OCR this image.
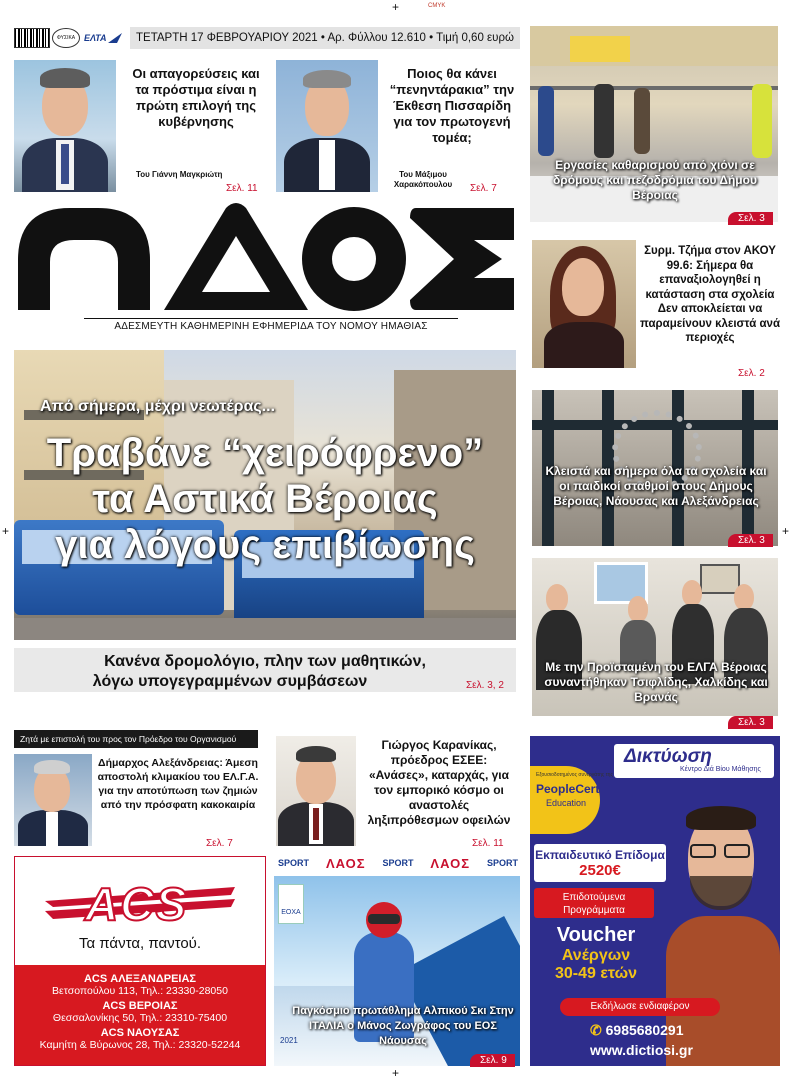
+	CMYK
+	+
+
ΦΥΣΙΚΑ ΕΛΤΑ	ΤΕΤΑΡΤΗ 17 ΦΕΒΡΟΥΑΡΙΟΥ 2021 • Αρ. Φύλλου 12.610 • Τιμή 0,60 ευρώ
Οι απαγορεύσεις και τα πρόστιμα είναι η πρώτη επιλογή της κυβέρνησης
Του Γιάννη Μαγκριώτη
Σελ. 11
Ποιος θα κάνει “πενηντάρακια” την Έκθεση Πισσαρίδη για τον πρωτογενή τομέα;
Του Μάξιμου Χαρακόπουλου	Σελ. 7
ΑΔΕΣΜΕΥΤΗ ΚΑΘΗΜΕΡΙΝΗ ΕΦΗΜΕΡΙΔΑ ΤΟΥ ΝΟΜΟΥ ΗΜΑΘΙΑΣ
Από σήμερα, μέχρι νεωτέρας...
Τραβάνε “χειρόφρενο”
τα Αστικά Βέροιας
για λόγους επιβίωσης
Κανένα δρομολόγιο, πλην των μαθητικών,
λόγω υπογεγραμμένων συμβάσεων	Σελ. 3, 2
Εργασίες καθαρισμού από χιόνι σε δρόμους και πεζοδρόμια του Δήμου Βέροιας
Σελ. 3
Συρμ. Τζήμα στον ΑΚΟΥ 99.6: Σήμερα θα επαναξιολογηθεί η κατάσταση στα σχολεία Δεν αποκλείεται να παραμείνουν κλειστά ανά περιοχές
Σελ. 2
Κλειστά και σήμερα όλα τα σχολεία και οι παιδικοί σταθμοί στους Δήμους Βέροιας, Νάουσας και Αλεξάνδρειας
Σελ. 3
Με την Προϊσταμένη του ΕΛΓΑ Βέροιας συναντήθηκαν Τσιφλίδης, Χαλκίδης και Βρανάς
Σελ. 3
Ζητά με επιστολή του προς τον Πρόεδρο του Οργανισμού
Δήμαρχος Αλεξάνδρειας: Άμεση αποστολή κλιμακίου του ΕΛ.Γ.Α. για την αποτύπωση των ζημιών από την πρόσφατη κακοκαιρία
Σελ. 7
Γιώργος Καρανίκας, πρόεδρος ΕΣΕΕ: «Ανάσες», καταρχάς, για τον εμπορικό κόσμο οι αναστολές ληξιπρόθεσμων οφειλών
Σελ. 11
ACS
Τα πάντα, παντού.
ACS ΑΛΕΞΑΝΔΡΕΙΑΣ
Βετσοπούλου 113, Τηλ.: 23330-28050
ACS ΒΕΡΟΙΑΣ
Θεσσαλονίκης 50, Τηλ.: 23310-75400
ACS ΝΑΟΥΣΑΣ
Καμηίτη & Βύρωνος 28, Τηλ.: 23320-52244
SPORT ΛΑΟΣ SPORT ΛΑΟΣ SPORT
ΕΟΧΑ
2021
Παγκόσμιο πρωτάθλημα Αλπικού Σκι Στην ΙΤΑΛΙΑ ο Μάνος Ζωγράφος του ΕΟΣ Νάουσας
Σελ. 9
Δικτύωση
Κέντρο Διά Βίου Μάθησης
Εξουσιοδοτημένος συνεργάτης της
PeopleCert
Education
Εκπαιδευτικό Επίδομα
2520€
Επιδοτούμενα Προγράμματα
Voucher
Ανέργων
30-49 ετών
Εκδήλωσε ενδιαφέρον
✆ 6985680291
www.dictiosi.gr
